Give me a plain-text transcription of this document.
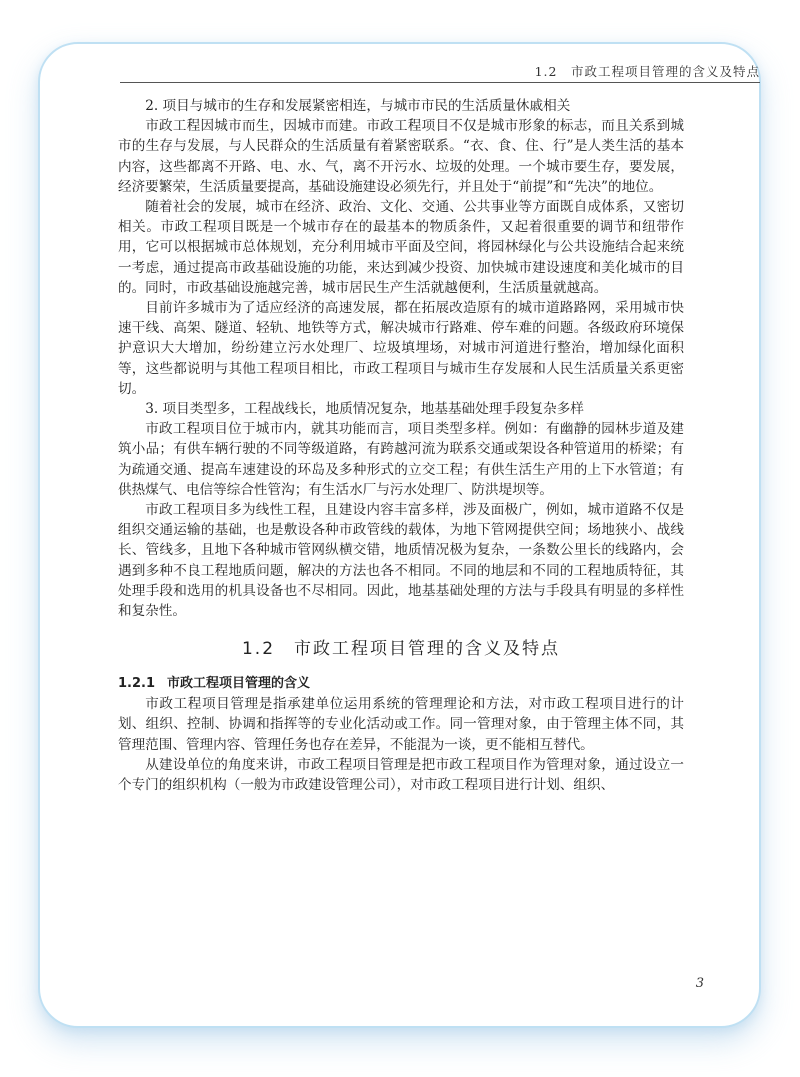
1.2　市政工程项目管理的含义及特点

2. 项目与城市的生存和发展紧密相连，与城市市民的生活质量休戚相关

市政工程因城市而生，因城市而建。市政工程项目不仅是城市形象的标志，而且关系到城市的生存与发展，与人民群众的生活质量有着紧密联系。“衣、食、住、行”是人类生活的基本内容，这些都离不开路、电、水、气，离不开污水、垃圾的处理。一个城市要生存，要发展，经济要繁荣，生活质量要提高，基础设施建设必须先行，并且处于“前提”和“先决”的地位。

随着社会的发展，城市在经济、政治、文化、交通、公共事业等方面既自成体系，又密切相关。市政工程项目既是一个城市存在的最基本的物质条件，又起着很重要的调节和纽带作用，它可以根据城市总体规划，充分利用城市平面及空间，将园林绿化与公共设施结合起来统一考虑，通过提高市政基础设施的功能，来达到减少投资、加快城市建设速度和美化城市的目的。同时，市政基础设施越完善，城市居民生产生活就越便利，生活质量就越高。

目前许多城市为了适应经济的高速发展，都在拓展改造原有的城市道路路网，采用城市快速干线、高架、隧道、轻轨、地铁等方式，解决城市行路难、停车难的问题。各级政府环境保护意识大大增加，纷纷建立污水处理厂、垃圾填埋场，对城市河道进行整治，增加绿化面积等，这些都说明与其他工程项目相比，市政工程项目与城市生存发展和人民生活质量关系更密切。

3. 项目类型多，工程战线长，地质情况复杂，地基基础处理手段复杂多样

市政工程项目位于城市内，就其功能而言，项目类型多样。例如：有幽静的园林步道及建筑小品；有供车辆行驶的不同等级道路，有跨越河流为联系交通或架设各种管道用的桥梁；有为疏通交通、提高车速建设的环岛及多种形式的立交工程；有供生活生产用的上下水管道；有供热煤气、电信等综合性管沟；有生活水厂与污水处理厂、防洪堤坝等。

市政工程项目多为线性工程，且建设内容丰富多样，涉及面极广，例如，城市道路不仅是组织交通运输的基础，也是敷设各种市政管线的载体，为地下管网提供空间；场地狭小、战线长、管线多，且地下各种城市管网纵横交错，地质情况极为复杂，一条数公里长的线路内，会遇到多种不良工程地质问题，解决的方法也各不相同。不同的地层和不同的工程地质特征，其处理手段和选用的机具设备也不尽相同。因此，地基基础处理的方法与手段具有明显的多样性和复杂性。

1.2　市政工程项目管理的含义及特点

1.2.1 市政工程项目管理的含义

市政工程项目管理是指承建单位运用系统的管理理论和方法，对市政工程项目进行的计划、组织、控制、协调和指挥等的专业化活动或工作。同一管理对象，由于管理主体不同，其管理范围、管理内容、管理任务也存在差异，不能混为一谈，更不能相互替代。

从建设单位的角度来讲，市政工程项目管理是把市政工程项目作为管理对象，通过设立一个专门的组织机构（一般为市政建设管理公司），对市政工程项目进行计划、组织、

3
